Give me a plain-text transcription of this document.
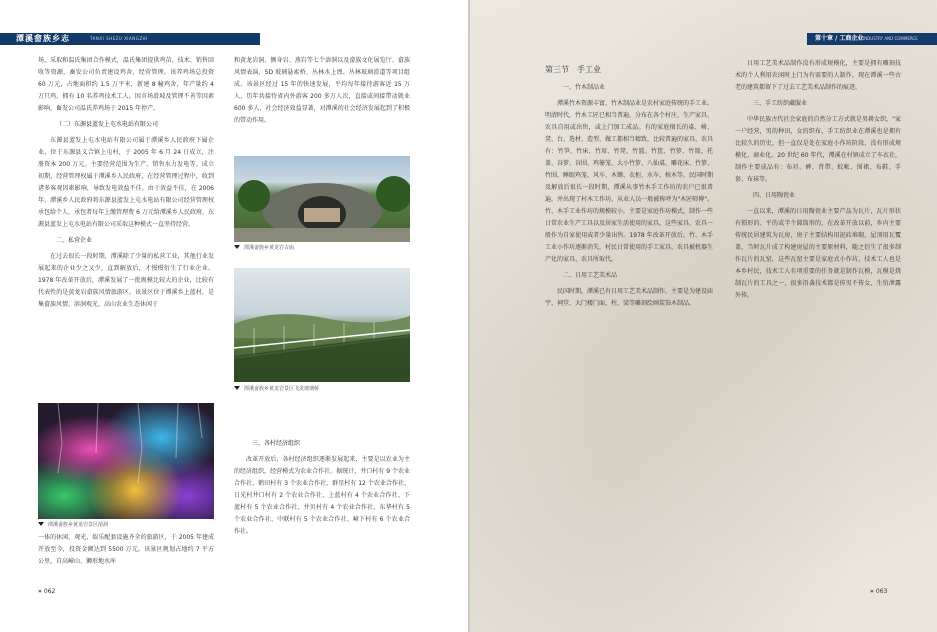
潭溪畲族乡志	TANXI SHEZU XIANGZHI

场，采取和温氏集团合作模式，温氏集团提供鸡苗、技术、销售回收等资源，畜发公司负责建设鸡舍、经营管理。该养鸡场总投资 60 万元，占地面积约 1.5 万平米，新建 8 幢鸡舍，年产量约 4 万只鸡，拥有 10 名养鸡技术工人。因市场滑坡及管理不善等因素影响，畜发公司温氏养鸡场于 2015 年停产。

（二）东源县蓝发上屯水电站有限公司

东源县蓝发上屯水电站有限公司属于潭溪乡人民政府下属企业，位于东源县义合镇上屯村，于 2005 年 6 月 24 日成立，注册资本 200 万元。主要经营范围为生产、销售水力发电等。成立初期，经营管理权属于潭溪乡人民政府，在经营管理过程中，收到诸多客观因素影响，导致发电效益不佳。由于效益不佳，在 2006 年，潭溪乡人民政府将东源县蓝发上屯水电站有限公司经营管理权承包给个人，承包者每年上缴管理费 6 万元给潭溪乡人民政府，东源县蓝发上屯水电站有限公司采取这种模式一直坚持经营。

二、私营企业

在过去很长一段时期，潭溪除了少量的私营工业，其他行业发展起来的企业少之又少，直到解放后，才慢慢衍生了行业企业。1978 年改革开放后，潭溪发展了一批规模比较大的企业，比较有代表性的是黄龙岩畲族风情旅游区。该景区位于潭溪乡上蓝村，是集畲族风情、溶洞观光、高山农业生态休闲于

潭溪畲族乡黄龙岩景区溶洞

一体的休闲、观光、娱乐配套设施齐全的旅游区，于 2005 年建成开放至今，投资金额达到 5500 万元。该景区规划占地约 7 平方公里，自高嶂山、狮形地水库

和黄龙岩洞、侧身岩、燕岩等七个溶洞以及畲族文化展览厅、畲族风情表演、5D 玻璃悬索桥、丛林水上漂、丛林玻璃滑道等项目组成。该景区经过 15 年的快速发展，平均每年接待游客近 15 万人，历年共接待省内外游客 200 多万人次，直接或间接带动就业 600 多人，社会经济效益显著，对潭溪的社会经济发展起到了积极的带动作用。

潭溪畲族乡黄龙岩古庙
潭溪畲族乡黄龙岩景区飞龙玻璃桥

三、各村经济组织

改革开放后，各村经济组织逐渐发展起来，主要是以农业为主的经济组织，经营模式为农业合作社。据统计，井口村有 9 个农业合作社、鹤田村有 3 个农业合作社、群星村有 12 个农业合作社、日光村井口村有 2 个农业合作社、上蓝村有 4 个农业合作社、下蓝村有 5 个农业合作社、井贝村有 4 个农业合作社、东华村有 5 个农业合作社、中联村有 5 个农业合作社、嶂下村有 6 个农业合作社。

» 062
第十章 / 工商企业 INDUSTRY AND COMMERCE

第三节　手工业

一、竹木制品业

潭溪竹木资源丰富，竹木制品业是农村家庭传统的手工业。明清时代，竹木工匠已相当普遍，分布在各个村庄，生产家具、农具自用或出售，或上门加工成品。有的家庭擅长的桌、椅、凳、台、选材、造型、做工都相当精致，比较普遍的家具、农具有：竹笋、竹床、竹席、竹凳、竹篮、竹筐、竹箩、竹篾、托盖、谷箩、谷围、鸡篓笼、大小竹箩、八仙桌、雕花床、竹箩、竹围、睡眼鸡笼、风车、木锄、衣柜、水车、棺木等。民国时期及解放后很长一段时期，潭溪从事竹木手工作坊的农户已很普遍，并出现了村木工作坊，从业人员一般被称呼为"木匠师傅"。竹、木手工业作坊的规模较小，主要是家庭作坊模式，制作一些日常农业生产工具以及居家生活使用的家具，这些家具、农具一般作为自家使用或者少量出售。1978 年改革开放后，竹、木手工业小作坊逐渐消失，村民日常使用的手工家具、农具被机器生产化的家具、农具所取代。

二、日用工艺美术品

民国时期，潭溪已有日用工艺美术品制作，主要是为建设庙宇、祠堂、大门楼门面、柱、梁等雕刻绘画装饰木制品。

日用工艺美术品制作没有形成规模化，主要是拥有雕刻技术的个人利用农闲时上门为有需要的人制作，现在潭溪一些古老的建筑都留下了过去工艺美术品制作的痕迹。

三、手工纺织藏服业

中华民族古代社会家庭的自然分工方式就是男耕女织，"家一户经营，男的种田，女的织布，手工纺织业在潭溪也是拥有比较久的历史，但一直仅是处在家庭小作坊阶段，没有形成规模化、商业化。20 世纪 60 年代，潭溪在村镇成立了车衣社，制作主要成品有：布衫、裤、背带、蚊帐、围裙、布鞋、手套、布袜等。

四、日用陶瓷业

一直以来，潭溪的日用陶瓷业主要产品为瓦片，瓦片形状有锁形的、平的或半个圆筒形的，在改革开放以前，乡内主要传统民居建筑为瓦房，房子主要结构用泥砖堆砌，屋顶用瓦覆盖，当时瓦片成了构建房屋的主要原材料，随之衍生了很多制作瓦片的瓦窑，这些瓦窑主要是家庭式小作坊，技术工人也是本乡村民，技术工人有项重要的任务就是制作瓦模，瓦模是烧制瓦片的工具之一，很多沿袭技术都是传男不传女，生怕泄露外传。

» 063
